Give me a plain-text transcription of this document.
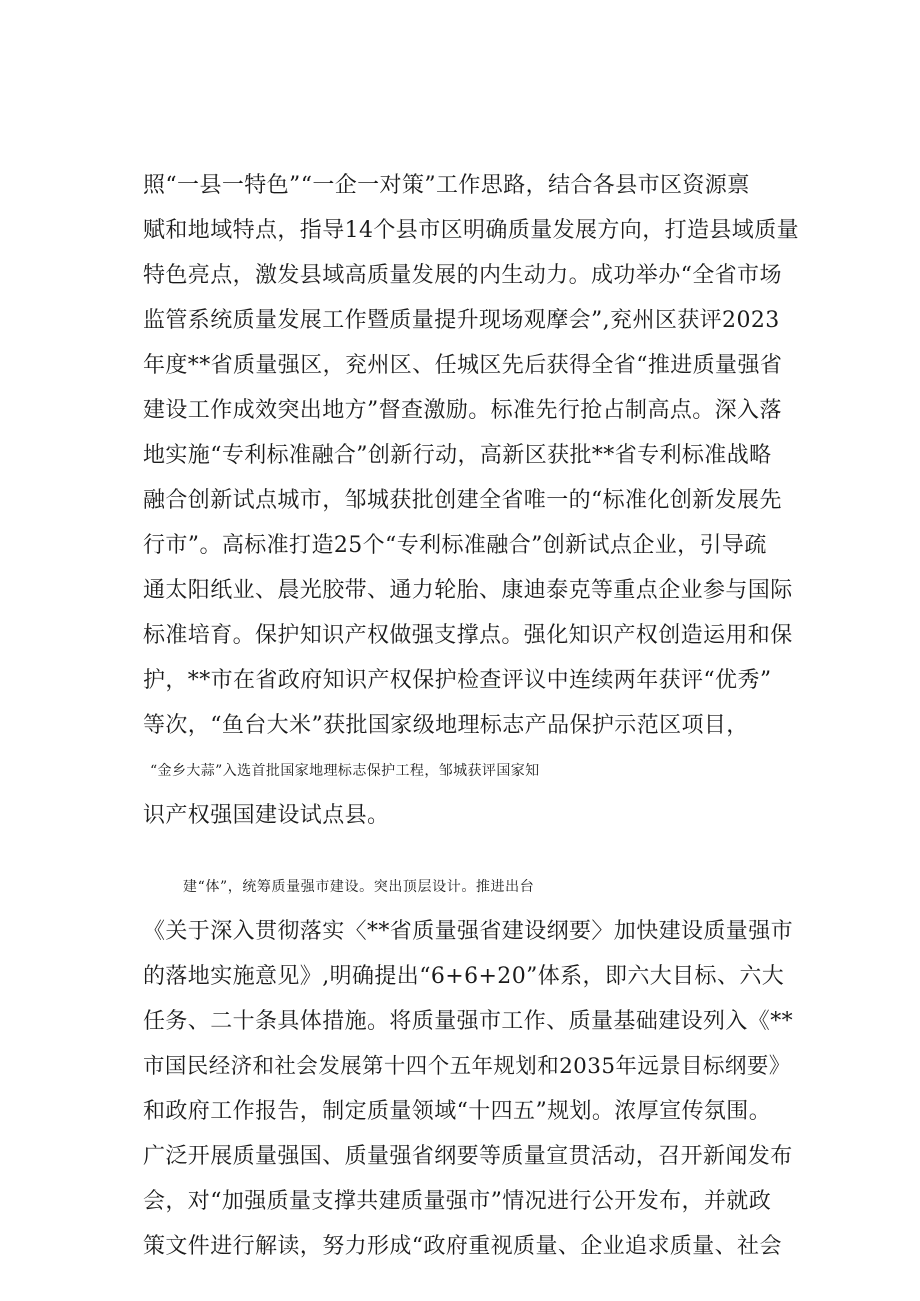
照“一县一特色”“一企一对策”工作思路，结合各县市区资源禀
赋和地域特点，指导14个县市区明确质量发展方向，打造县域质量
特色亮点，激发县域高质量发展的内生动力。成功举办“全省市场
监管系统质量发展工作暨质量提升现场观摩会”,兖州区获评2023
年度**省质量强区，兖州区、任城区先后获得全省“推进质量强省
建设工作成效突出地方”督查激励。标准先行抢占制高点。深入落
地实施“专利标准融合”创新行动，高新区获批**省专利标准战略
融合创新试点城市，邹城获批创建全省唯一的“标准化创新发展先
行市”。高标准打造25个“专利标准融合”创新试点企业，引导疏
通太阳纸业、晨光胶带、通力轮胎、康迪泰克等重点企业参与国际
标准培育。保护知识产权做强支撑点。强化知识产权创造运用和保
护，**市在省政府知识产权保护检查评议中连续两年获评“优秀”
等次，“鱼台大米”获批国家级地理标志产品保护示范区项目，
“金乡大蒜”入选首批国家地理标志保护工程，邹城获评国家知
识产权强国建设试点县。
建“体”，统筹质量强市建设。突出顶层设计。推进出台
《关于深入贯彻落实〈**省质量强省建设纲要〉加快建设质量强市
的落地实施意见》,明确提出“6+6+20”体系，即六大目标、六大
任务、二十条具体措施。将质量强市工作、质量基础建设列入《**
市国民经济和社会发展第十四个五年规划和2035年远景目标纲要》
和政府工作报告，制定质量领域“十四五”规划。浓厚宣传氛围。
广泛开展质量强国、质量强省纲要等质量宣贯活动，召开新闻发布
会，对“加强质量支撑共建质量强市”情况进行公开发布，并就政
策文件进行解读，努力形成“政府重视质量、企业追求质量、社会
